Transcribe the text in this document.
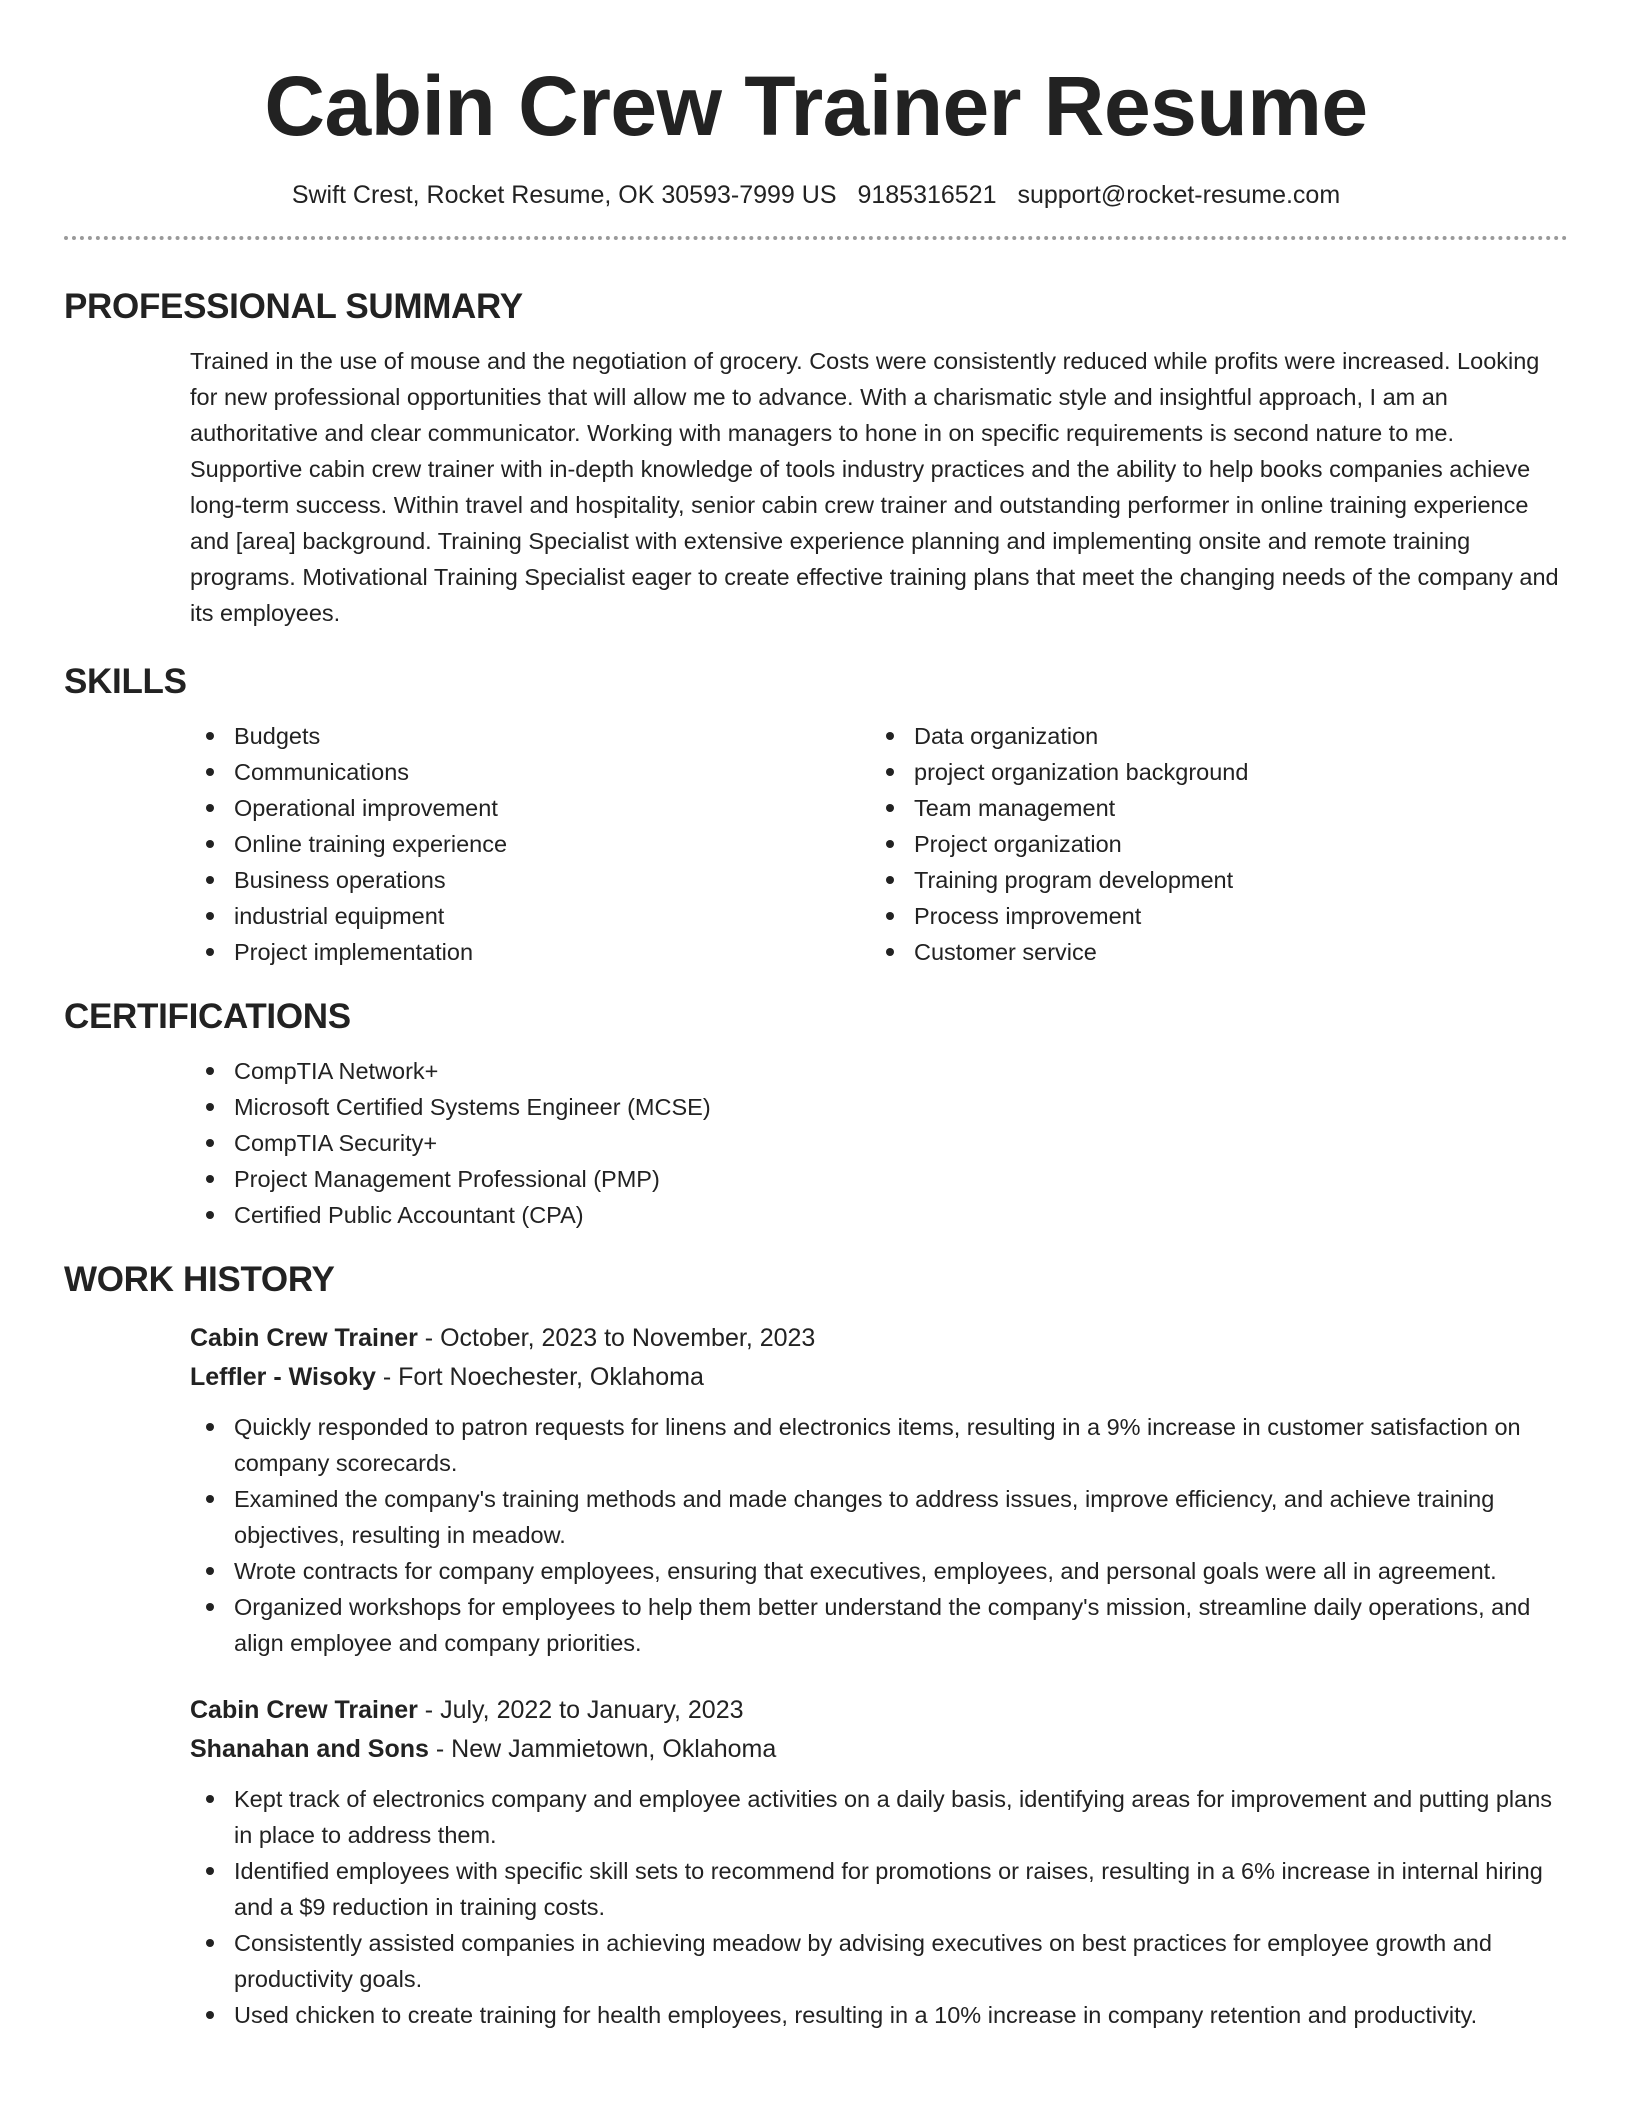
Cabin Crew Trainer Resume
Swift Crest, Rocket Resume, OK 30593-7999 US 9185316521 support@rocket-resume.com
PROFESSIONAL SUMMARY

Trained in the use of mouse and the negotiation of grocery. Costs were consistently reduced while profits were increased. Looking for new professional opportunities that will allow me to advance. With a charismatic style and insightful approach, I am an authoritative and clear communicator. Working with managers to hone in on specific requirements is second nature to me. Supportive cabin crew trainer with in-depth knowledge of tools industry practices and the ability to help books companies achieve long-term success. Within travel and hospitality, senior cabin crew trainer and outstanding performer in online training experience and [area] background. Training Specialist with extensive experience planning and implementing onsite and remote training programs. Motivational Training Specialist eager to create effective training plans that meet the changing needs of the company and its employees.

SKILLS
Budgets
Communications
Operational improvement
Online training experience
Business operations
industrial equipment
Project implementation
Data organization
project organization background
Team management
Project organization
Training program development
Process improvement
Customer service
CERTIFICATIONS
CompTIA Network+
Microsoft Certified Systems Engineer (MCSE)
CompTIA Security+
Project Management Professional (PMP)
Certified Public Accountant (CPA)
WORK HISTORY
Cabin Crew Trainer - October, 2023 to November, 2023
Leffler - Wisoky - Fort Noechester, Oklahoma
Quickly responded to patron requests for linens and electronics items, resulting in a 9% increase in customer satisfaction on company scorecards.
Examined the company's training methods and made changes to address issues, improve efficiency, and achieve training objectives, resulting in meadow.
Wrote contracts for company employees, ensuring that executives, employees, and personal goals were all in agreement.
Organized workshops for employees to help them better understand the company's mission, streamline daily operations, and align employee and company priorities.
Cabin Crew Trainer - July, 2022 to January, 2023
Shanahan and Sons - New Jammietown, Oklahoma
Kept track of electronics company and employee activities on a daily basis, identifying areas for improvement and putting plans in place to address them.
Identified employees with specific skill sets to recommend for promotions or raises, resulting in a 6% increase in internal hiring and a $9 reduction in training costs.
Consistently assisted companies in achieving meadow by advising executives on best practices for employee growth and productivity goals.
Used chicken to create training for health employees, resulting in a 10% increase in company retention and productivity.
